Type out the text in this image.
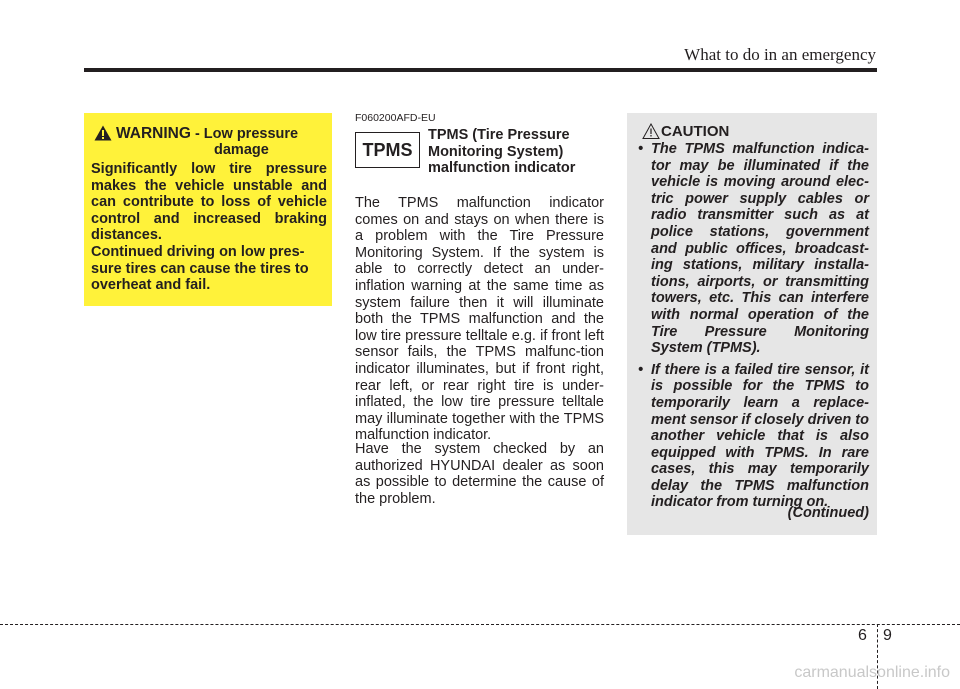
What to do in an emergency
WARNING - Low pressure
damage
Significantly low tire pressure makes the vehicle unstable and can contribute to loss of vehicle control and increased braking distances.
Continued driving on low pres-sure tires can cause the tires to overheat and fail.
F060200AFD-EU
TPMS
TPMS (Tire Pressure Monitoring System) malfunction indicator
The TPMS malfunction indicator comes on and stays on when there is a problem with the Tire Pressure Monitoring System. If the system is able to correctly detect an under-inflation warning at the same time as system failure then it will illuminate both the TPMS malfunction and the low tire pressure telltale e.g. if front left sensor fails, the TPMS malfunc-tion indicator illuminates, but if front right, rear left, or rear right tire is under-inflated, the low tire pressure telltale may illuminate together with the TPMS malfunction indicator.
Have the system checked by an authorized HYUNDAI dealer as soon as possible to determine the cause of the problem.
CAUTION
• The TPMS malfunction indica-tor may be illuminated if the vehicle is moving around elec-tric power supply cables or radio transmitter such as at police stations, government and public offices, broadcast-ing stations, military installa-tions, airports, or transmitting towers, etc. This can interfere with normal operation of the Tire Pressure Monitoring System (TPMS).
• If there is a failed tire sensor, it is possible for the TPMS to temporarily learn a replace-ment sensor if closely driven to another vehicle that is also equipped with TPMS. In rare cases, this may temporarily delay the TPMS malfunction indicator from turning on.
(Continued)
6 9
carmanualsonline.info
